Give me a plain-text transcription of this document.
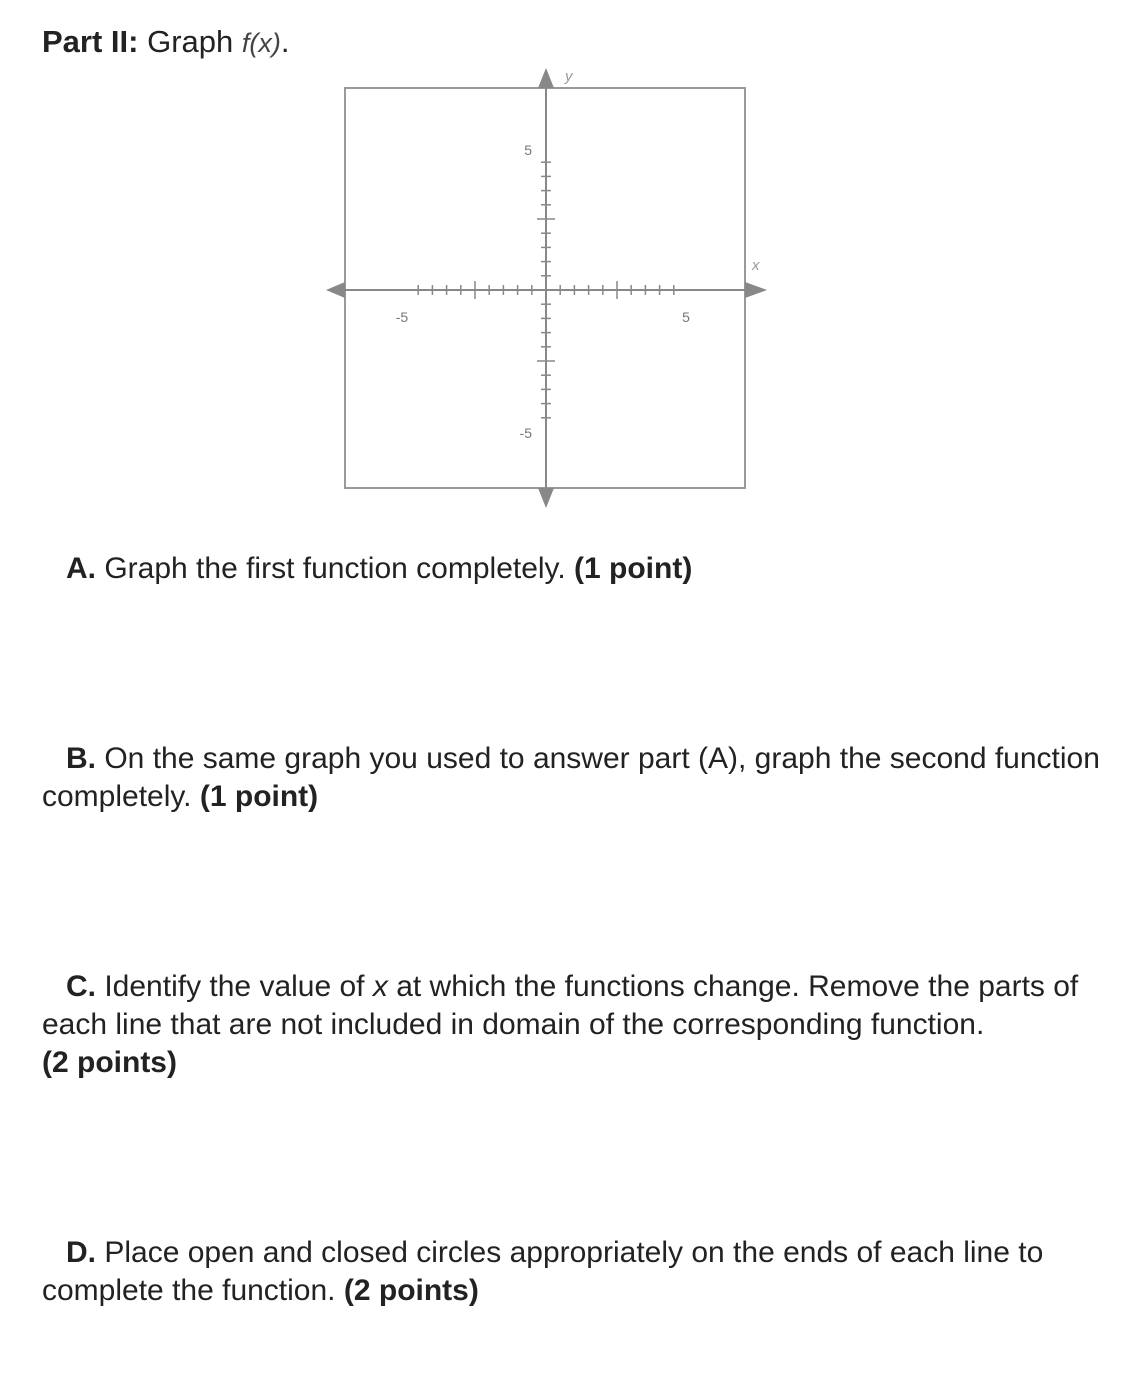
Part II: Graph f(x).
x
y
-5	5
5
-5

A. Graph the first function completely. (1 point)

B. On the same graph you used to answer part (A), graph the second function completely. (1 point)

C. Identify the value of x at which the functions change. Remove the parts of each line that are not included in domain of the corresponding function.
(2 points)

D. Place open and closed circles appropriately on the ends of each line to complete the function. (2 points)
